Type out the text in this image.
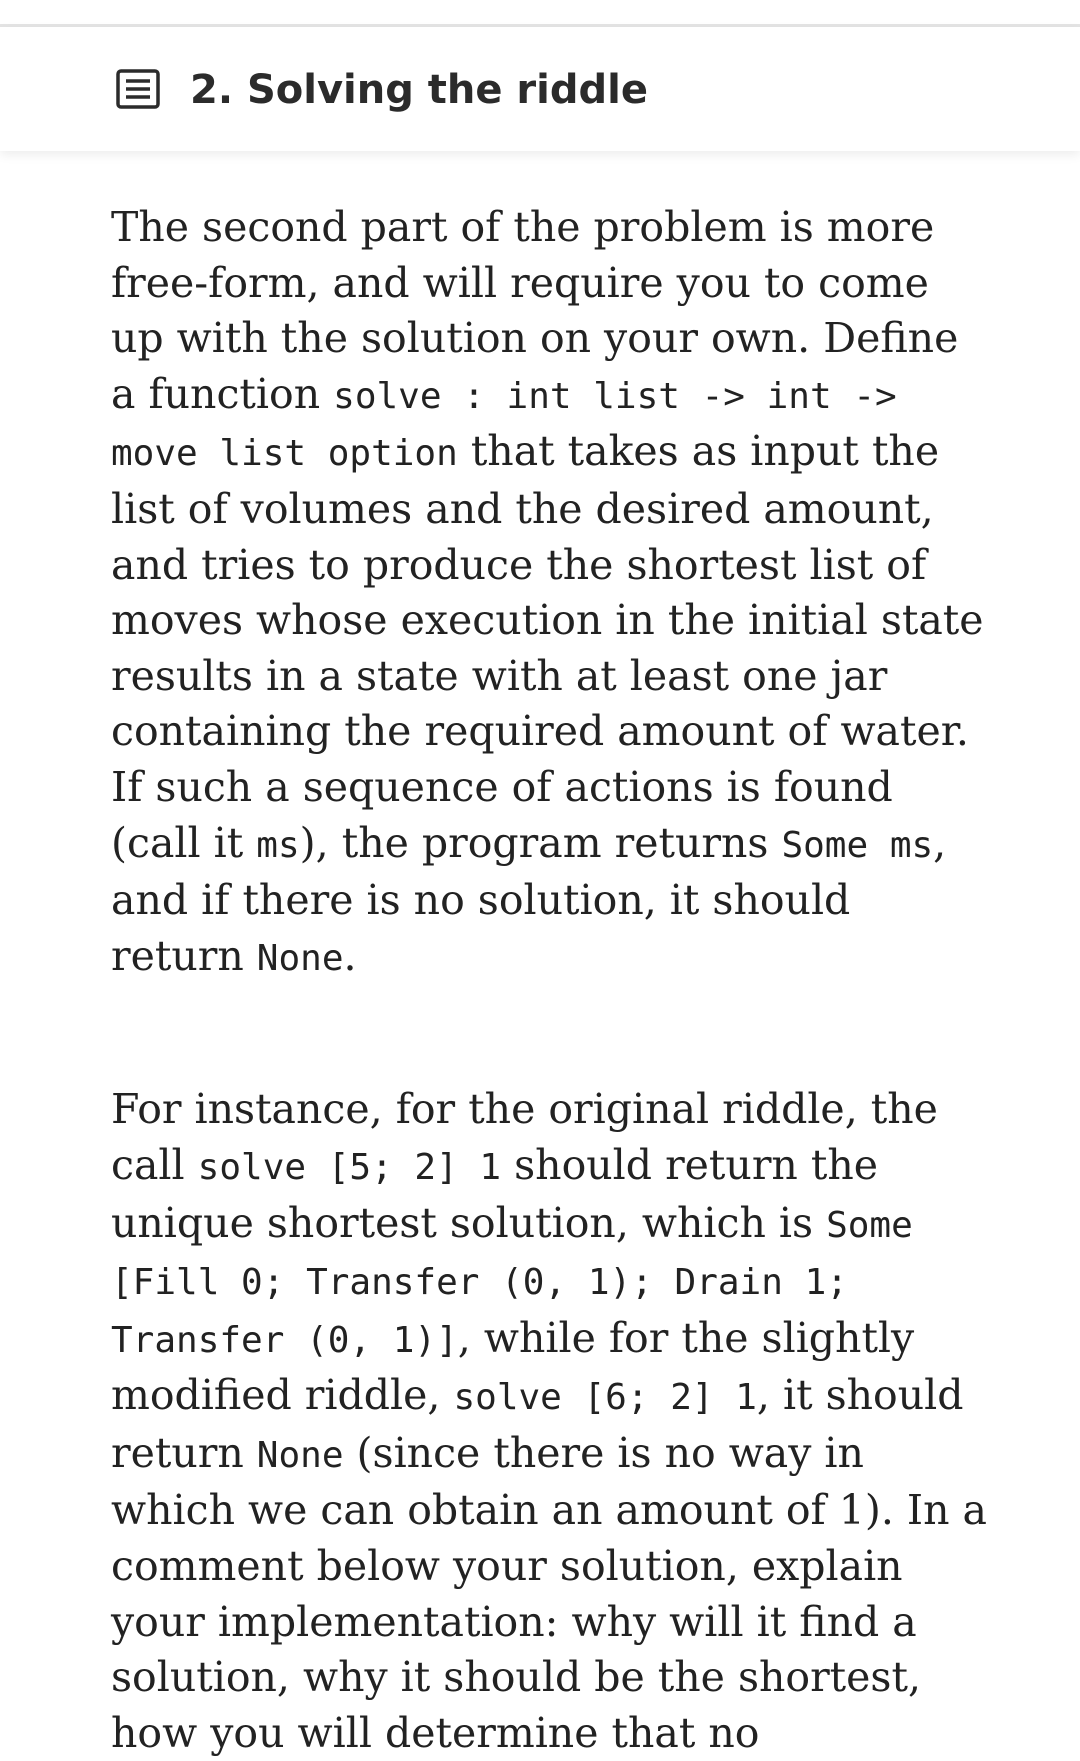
2. Solving the riddle

The second part of the problem is more free-form, and will require you to come up with the solution on your own. Define a function solve : int list -> int -> move list option that takes as input the list of volumes and the desired amount, and tries to produce the shortest list of moves whose execution in the initial state results in a state with at least one jar containing the required amount of water. If such a sequence of actions is found (call it ms), the program returns Some ms, and if there is no solution, it should return None.

For instance, for the original riddle, the call solve [5; 2] 1 should return the unique shortest solution, which is Some [Fill 0; Transfer (0, 1); Drain 1; Transfer (0, 1)], while for the slightly modified riddle, solve [6; 2] 1, it should return None (since there is no way in which we can obtain an amount of 1). In a comment below your solution, explain your implementation: why will it find a solution, why it should be the shortest, how you will determine that no
